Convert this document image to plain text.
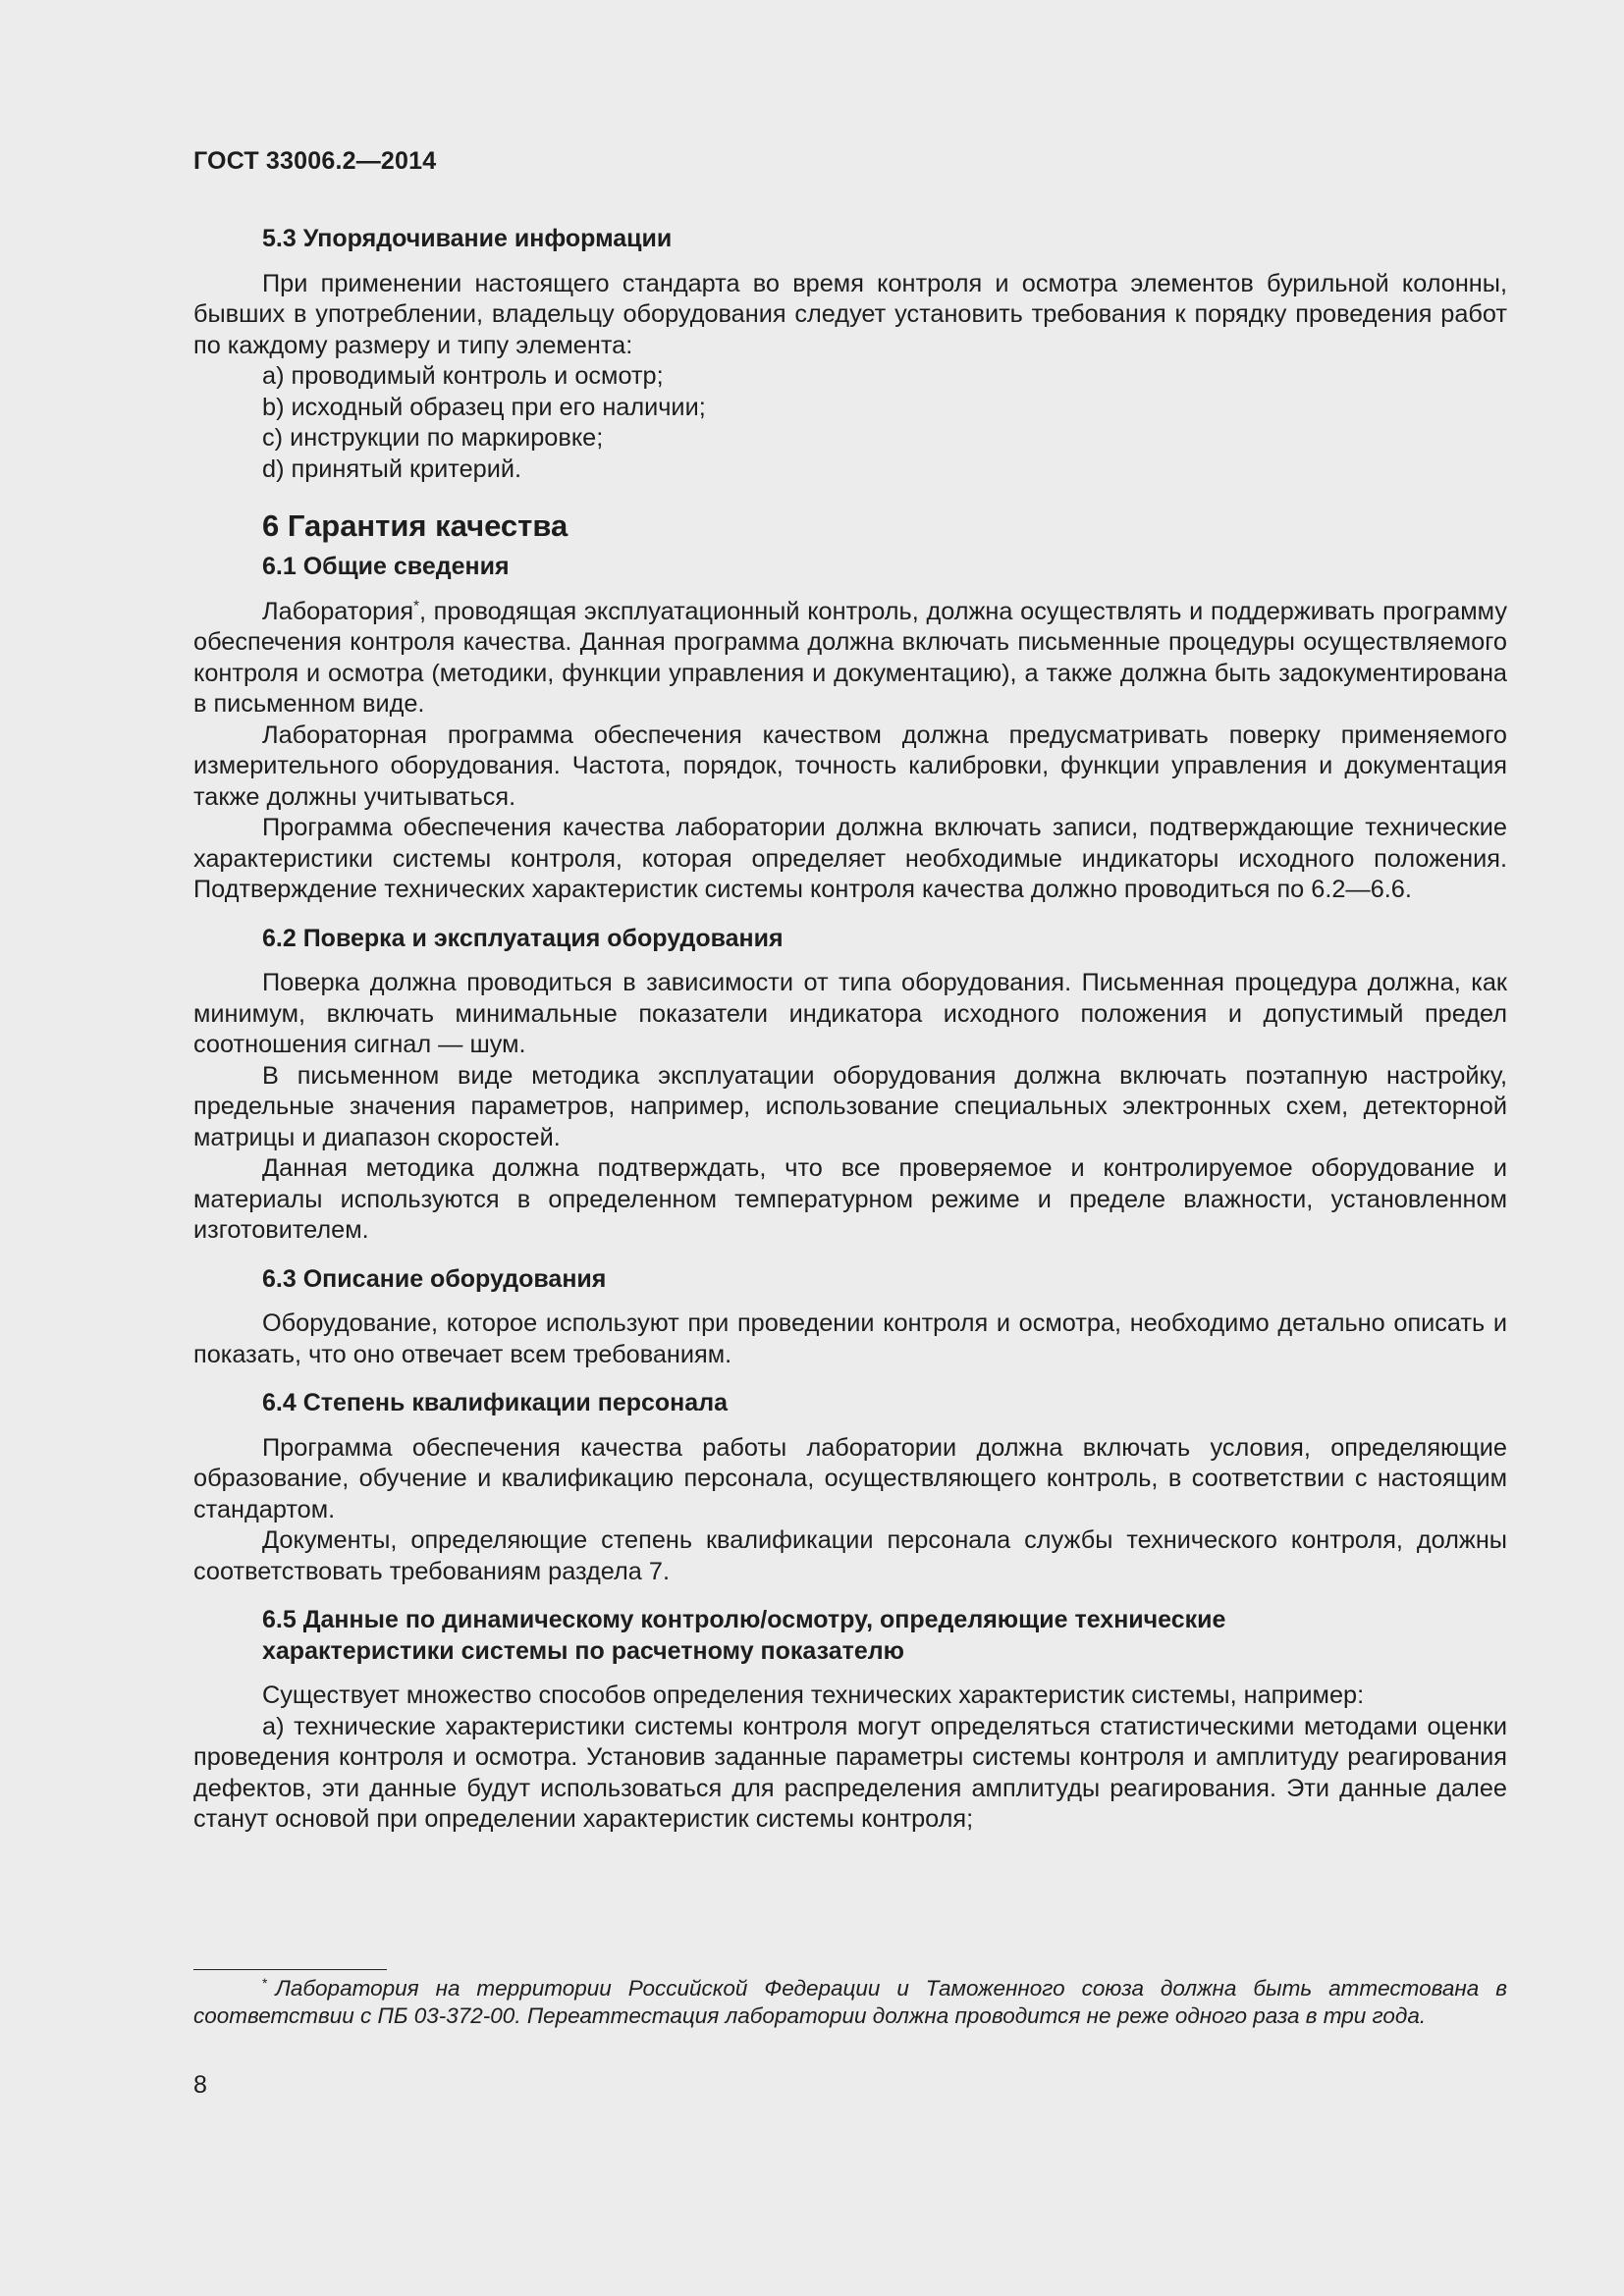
ГОСТ 33006.2—2014
5.3 Упорядочивание информации

При применении настоящего стандарта во время контроля и осмотра элементов бурильной колонны, бывших в употреблении, владельцу оборудования следует установить требования к порядку проведения работ по каждому размеру и типу элемента:

a) проводимый контроль и осмотр;

b) исходный образец при его наличии;

c) инструкции по маркировке;

d) принятый критерий.

6 Гарантия качества
6.1 Общие сведения

Лаборатория*, проводящая эксплуатационный контроль, должна осуществлять и поддерживать программу обеспечения контроля качества. Данная программа должна включать письменные процедуры осуществляемого контроля и осмотра (методики, функции управления и документацию), а также должна быть задокументирована в письменном виде.

Лабораторная программа обеспечения качеством должна предусматривать поверку применяемого измерительного оборудования. Частота, порядок, точность калибровки, функции управления и документация также должны учитываться.

Программа обеспечения качества лаборатории должна включать записи, подтверждающие технические характеристики системы контроля, которая определяет необходимые индикаторы исходного положения. Подтверждение технических характеристик системы контроля качества должно проводиться по 6.2—6.6.

6.2 Поверка и эксплуатация оборудования

Поверка должна проводиться в зависимости от типа оборудования. Письменная процедура должна, как минимум, включать минимальные показатели индикатора исходного положения и допустимый предел соотношения сигнал — шум.

В письменном виде методика эксплуатации оборудования должна включать поэтапную настройку, предельные значения параметров, например, использование специальных электронных схем, детекторной матрицы и диапазон скоростей.

Данная методика должна подтверждать, что все проверяемое и контролируемое оборудование и материалы используются в определенном температурном режиме и пределе влажности, установленном изготовителем.

6.3 Описание оборудования

Оборудование, которое используют при проведении контроля и осмотра, необходимо детально описать и показать, что оно отвечает всем требованиям.

6.4 Степень квалификации персонала

Программа обеспечения качества работы лаборатории должна включать условия, определяющие образование, обучение и квалификацию персонала, осуществляющего контроль, в соответствии с настоящим стандартом.

Документы, определяющие степень квалификации персонала службы технического контроля, должны соответствовать требованиям раздела 7.

6.5 Данные по динамическому контролю/осмотру, определяющие технические
характеристики системы по расчетному показателю

Существует множество способов определения технических характеристик системы, например:

a) технические характеристики системы контроля могут определяться статистическими методами оценки проведения контроля и осмотра. Установив заданные параметры системы контроля и амплитуду реагирования дефектов, эти данные будут использоваться для распределения амплитуды реагирования. Эти данные далее станут основой при определении характеристик системы контроля;

* Лаборатория на территории Российской Федерации и Таможенного союза должна быть аттестована в соответствии с ПБ 03-372-00. Переаттестация лаборатории должна проводится не реже одного раза в три года.

8
